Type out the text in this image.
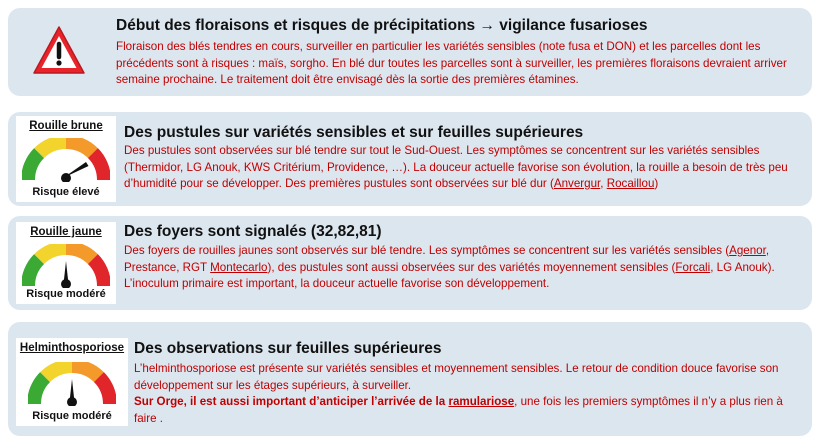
Début des floraisons et risques de précipitations → vigilance fusarioses
Floraison des blés tendres en cours, surveiller en particulier les variétés sensibles (note fusa et DON) et les parcelles dont les précédents sont à risques : maïs, sorgho. En blé dur toutes les parcelles sont à surveiller, les premières floraisons devraient arriver semaine prochaine. Le traitement doit être envisagé dès la sortie des premières étamines.
Rouille brune
Risque élevé
Des pustules sur variétés sensibles et sur feuilles supérieures
Des pustules sont observées sur blé tendre sur tout le Sud-Ouest. Les symptômes se concentrent sur les variétés sensibles (Thermidor, LG Anouk, KWS Critérium, Providence, …). La douceur actuelle favorise son évolution, la rouille a besoin de très peu d’humidité pour se développer. Des premières pustules sont observées sur blé dur (Anvergur, Rocaillou)
Rouille jaune
Risque modéré
Des foyers sont signalés (32,82,81)
Des foyers de rouilles jaunes sont observés sur blé tendre. Les symptômes se concentrent sur les variétés sensibles (Agenor, Prestance, RGT Montecarlo), des pustules sont aussi observées sur des variétés moyennement sensibles (Forcali, LG Anouk). L’inoculum primaire est important, la douceur actuelle favorise son développement.
Helminthosporiose
Risque modéré
Des observations sur feuilles supérieures
L’helminthosporiose est présente sur variétés sensibles et moyennement sensibles. Le retour de condition douce favorise son développement sur les étages supérieurs, à surveiller.
Sur Orge, il est aussi important d’anticiper l’arrivée de la ramulariose, une fois les premiers symptômes il n’y a plus rien à faire .
